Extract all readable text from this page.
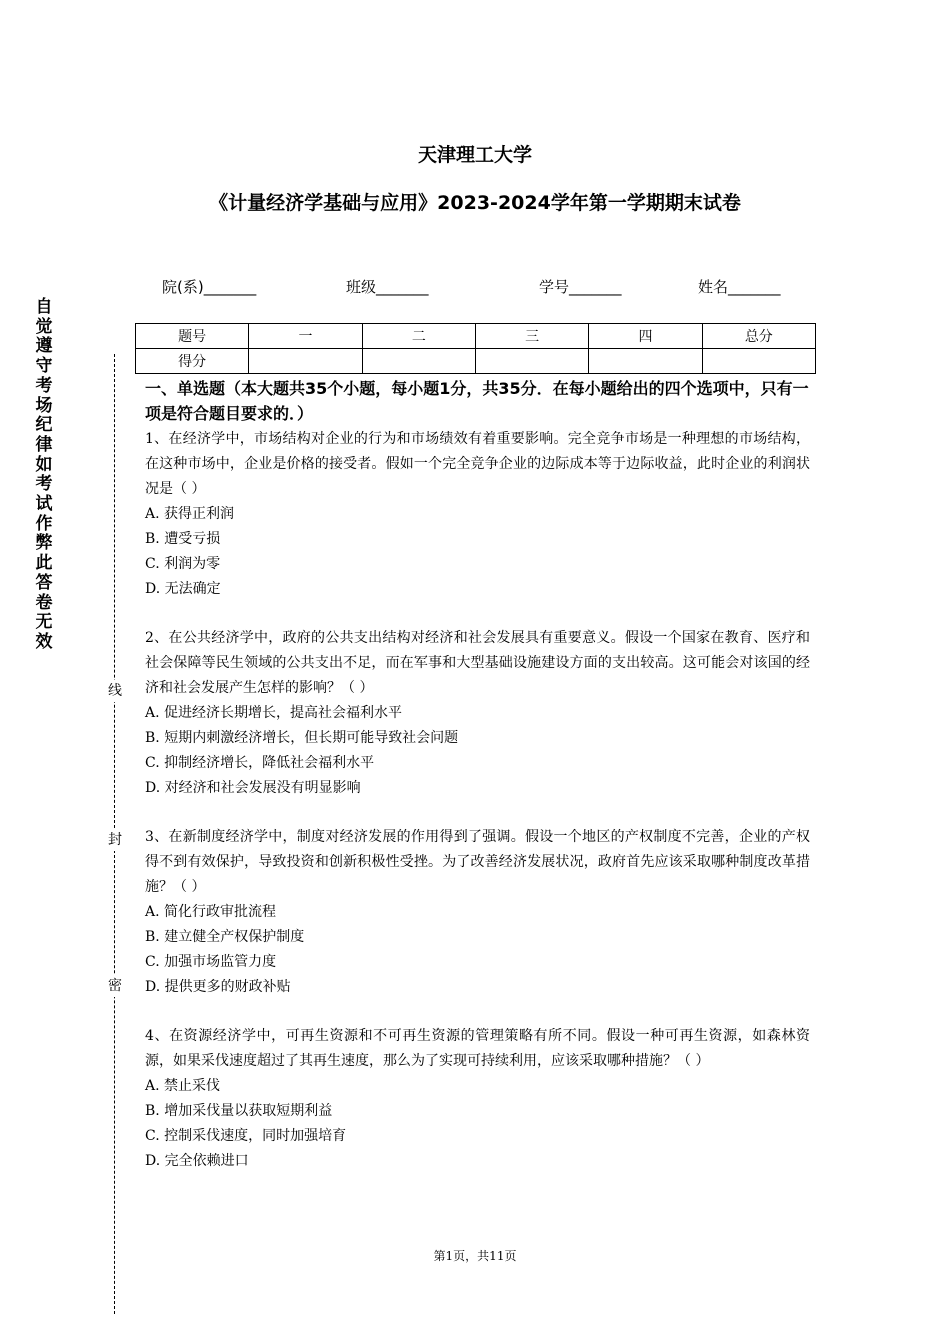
天津理工大学
《计量经济学基础与应用》2023-2024学年第一学期期末试卷
院(系)_______	班级_______	学号_______	姓名_______
题号	一	二	三	四	总分
得分					
自觉遵守考场纪律如考试作弊此答卷无效
线
封
密
一、单选题（本大题共35个小题，每小题1分，共35分．在每小题给出的四个选项中，只有一项是符合题目要求的．）
1、在经济学中，市场结构对企业的行为和市场绩效有着重要影响。完全竞争市场是一种理想的市场结构，在这种市场中，企业是价格的接受者。假如一个完全竞争企业的边际成本等于边际收益，此时企业的利润状况是（ ）
A. 获得正利润
B. 遭受亏损
C. 利润为零
D. 无法确定
2、在公共经济学中，政府的公共支出结构对经济和社会发展具有重要意义。假设一个国家在教育、医疗和社会保障等民生领域的公共支出不足，而在军事和大型基础设施建设方面的支出较高。这可能会对该国的经济和社会发展产生怎样的影响？（ ）
A. 促进经济长期增长，提高社会福利水平
B. 短期内刺激经济增长，但长期可能导致社会问题
C. 抑制经济增长，降低社会福利水平
D. 对经济和社会发展没有明显影响
3、在新制度经济学中，制度对经济发展的作用得到了强调。假设一个地区的产权制度不完善，企业的产权得不到有效保护，导致投资和创新积极性受挫。为了改善经济发展状况，政府首先应该采取哪种制度改革措施？（ ）
A. 简化行政审批流程
B. 建立健全产权保护制度
C. 加强市场监管力度
D. 提供更多的财政补贴
4、在资源经济学中，可再生资源和不可再生资源的管理策略有所不同。假设一种可再生资源，如森林资源，如果采伐速度超过了其再生速度，那么为了实现可持续利用，应该采取哪种措施？（ ）
A. 禁止采伐
B. 增加采伐量以获取短期利益
C. 控制采伐速度，同时加强培育
D. 完全依赖进口
第1页，共11页
